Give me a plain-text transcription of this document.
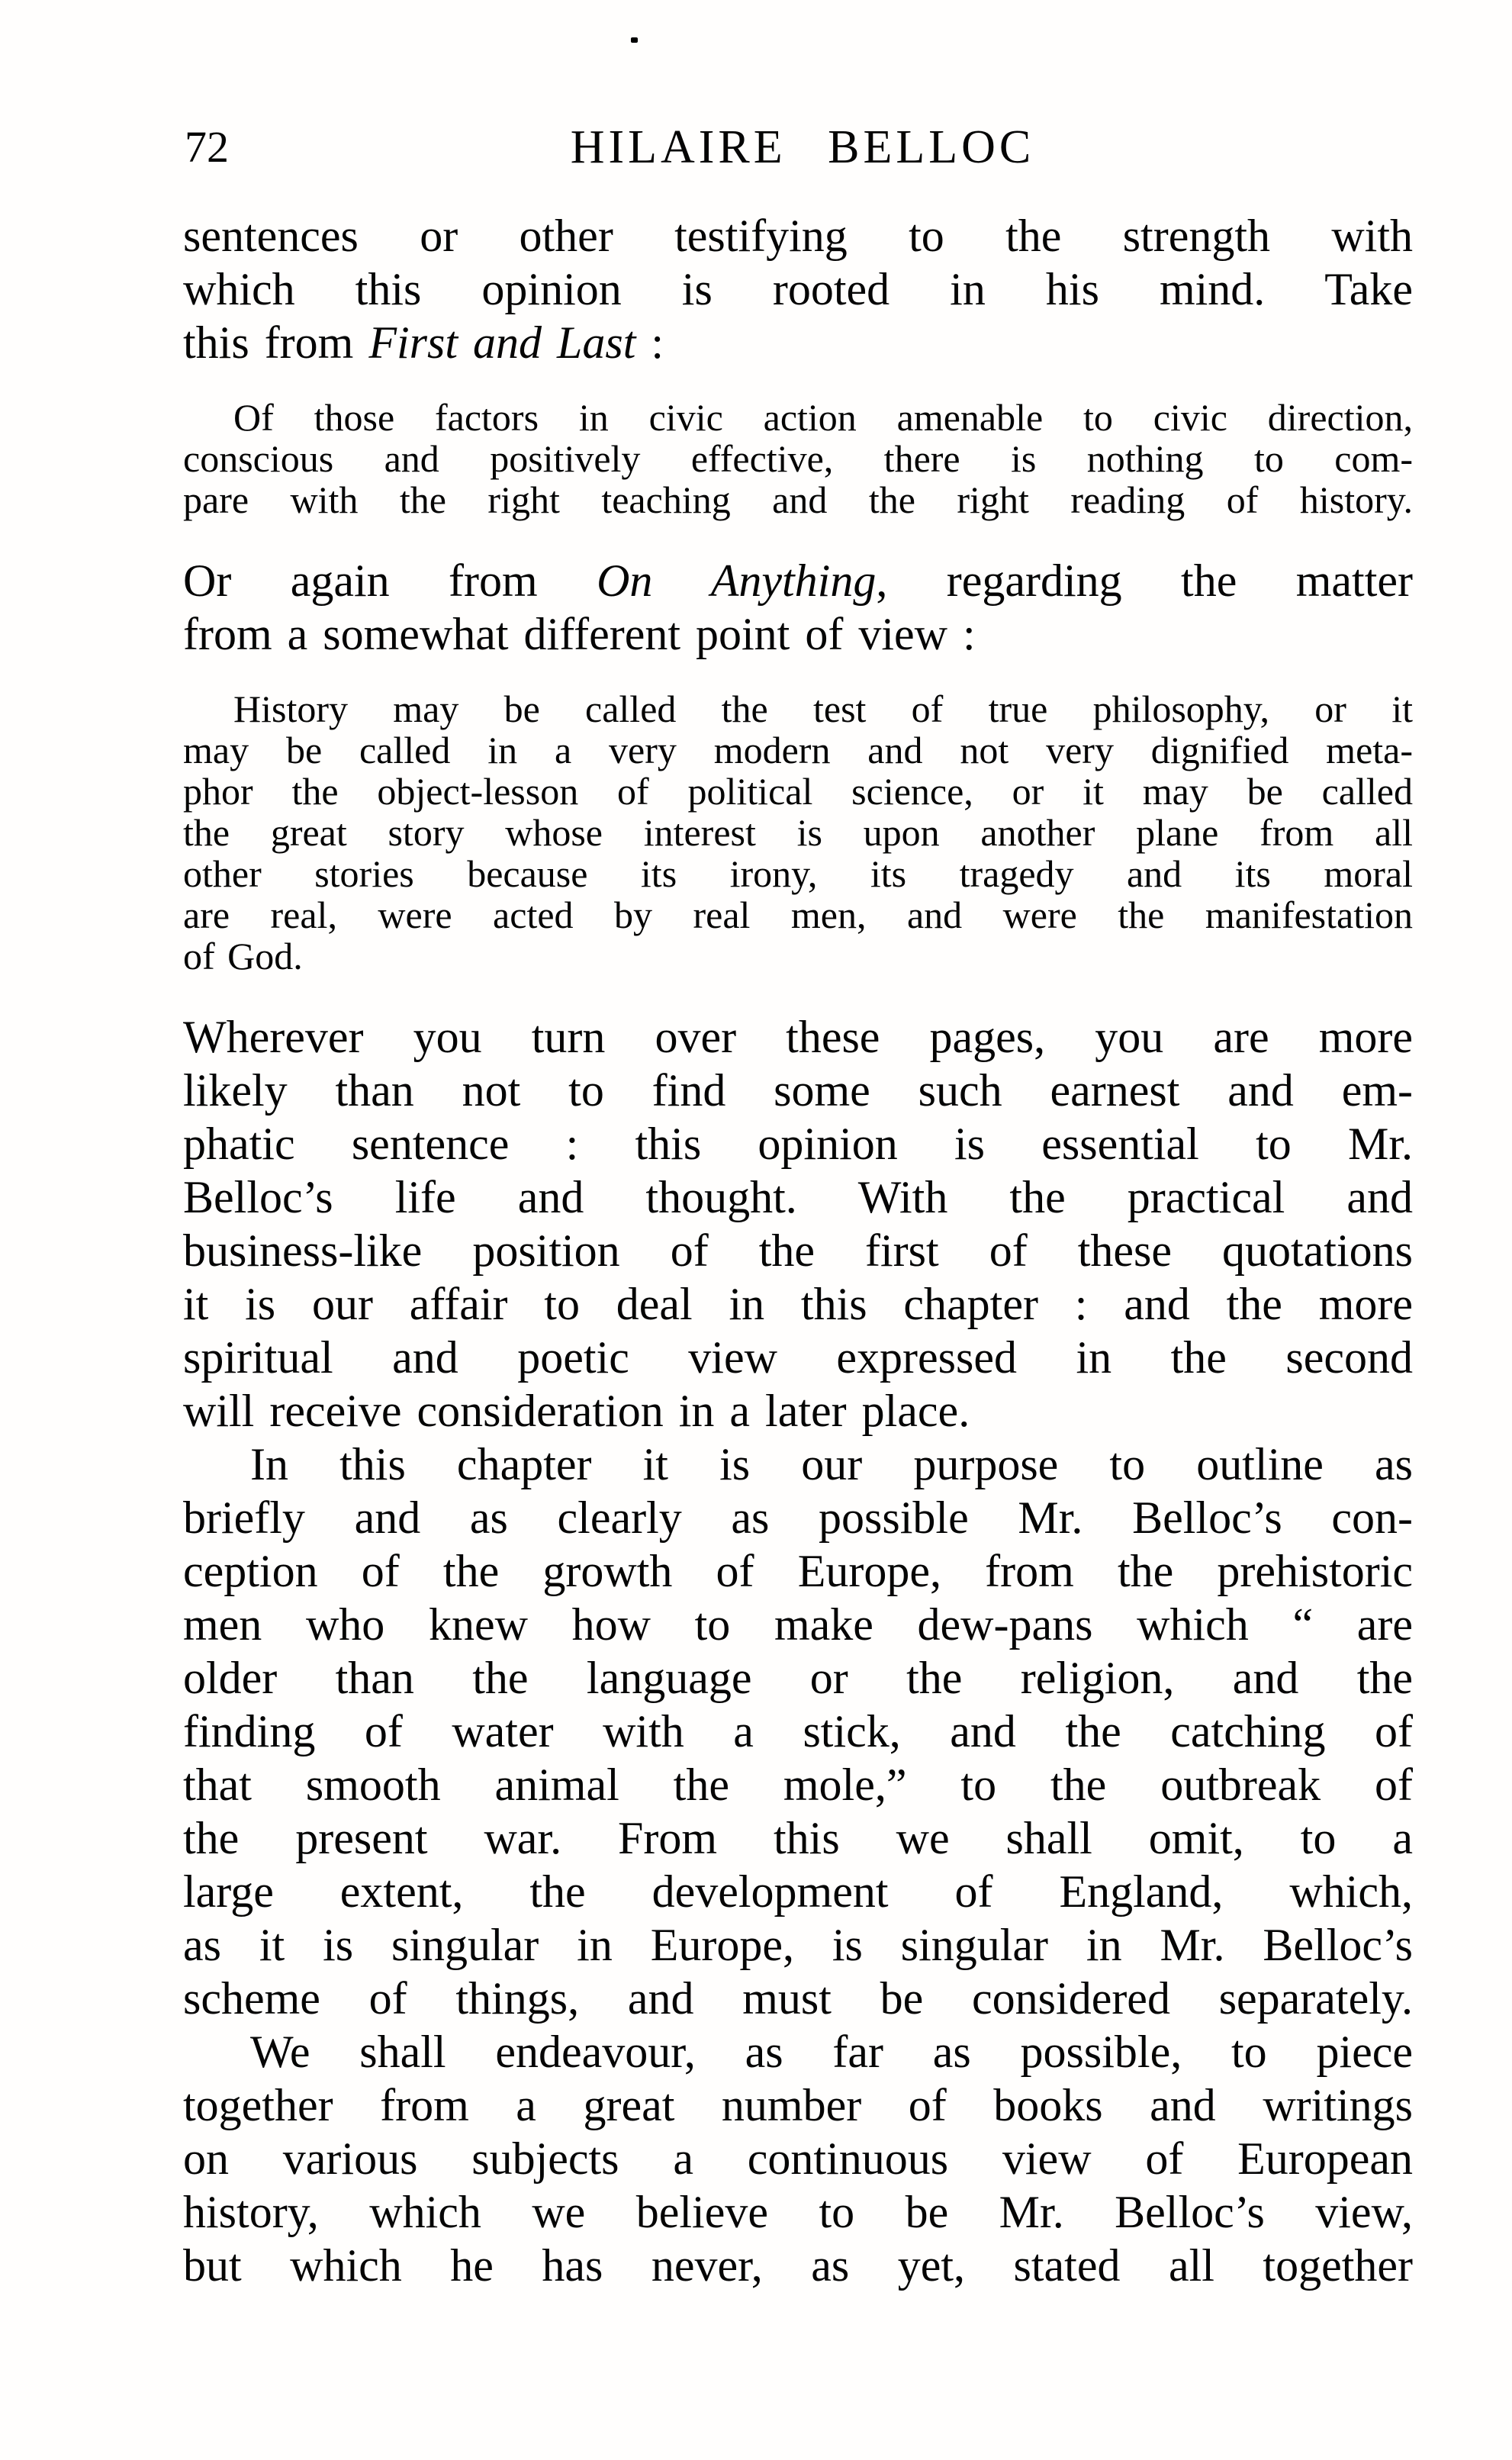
72	HILAIRE BELLOC
sentences or other testifying to the strength with
which this opinion is rooted in his mind. Take
this from First and Last :
Of those factors in civic action amenable to civic direction,
conscious and positively effective, there is nothing to com-
pare with the right teaching and the right reading of history.
Or again from On Anything, regarding the matter
from a somewhat different point of view :
History may be called the test of true philosophy, or it
may be called in a very modern and not very dignified meta-
phor the object-lesson of political science, or it may be called
the great story whose interest is upon another plane from all
other stories because its irony, its tragedy and its moral
are real, were acted by real men, and were the manifestation
of God.
Wherever you turn over these pages, you are more
likely than not to find some such earnest and em-
phatic sentence : this opinion is essential to Mr.
Belloc’s life and thought. With the practical and
business-like position of the first of these quotations
it is our affair to deal in this chapter : and the more
spiritual and poetic view expressed in the second
will receive consideration in a later place.
In this chapter it is our purpose to outline as
briefly and as clearly as possible Mr. Belloc’s con-
ception of the growth of Europe, from the prehistoric
men who knew how to make dew-pans which “ are
older than the language or the religion, and the
finding of water with a stick, and the catching of
that smooth animal the mole,” to the outbreak of
the present war. From this we shall omit, to a
large extent, the development of England, which,
as it is singular in Europe, is singular in Mr. Belloc’s
scheme of things, and must be considered separately.
We shall endeavour, as far as possible, to piece
together from a great number of books and writings
on various subjects a continuous view of European
history, which we believe to be Mr. Belloc’s view,
but which he has never, as yet, stated all together
